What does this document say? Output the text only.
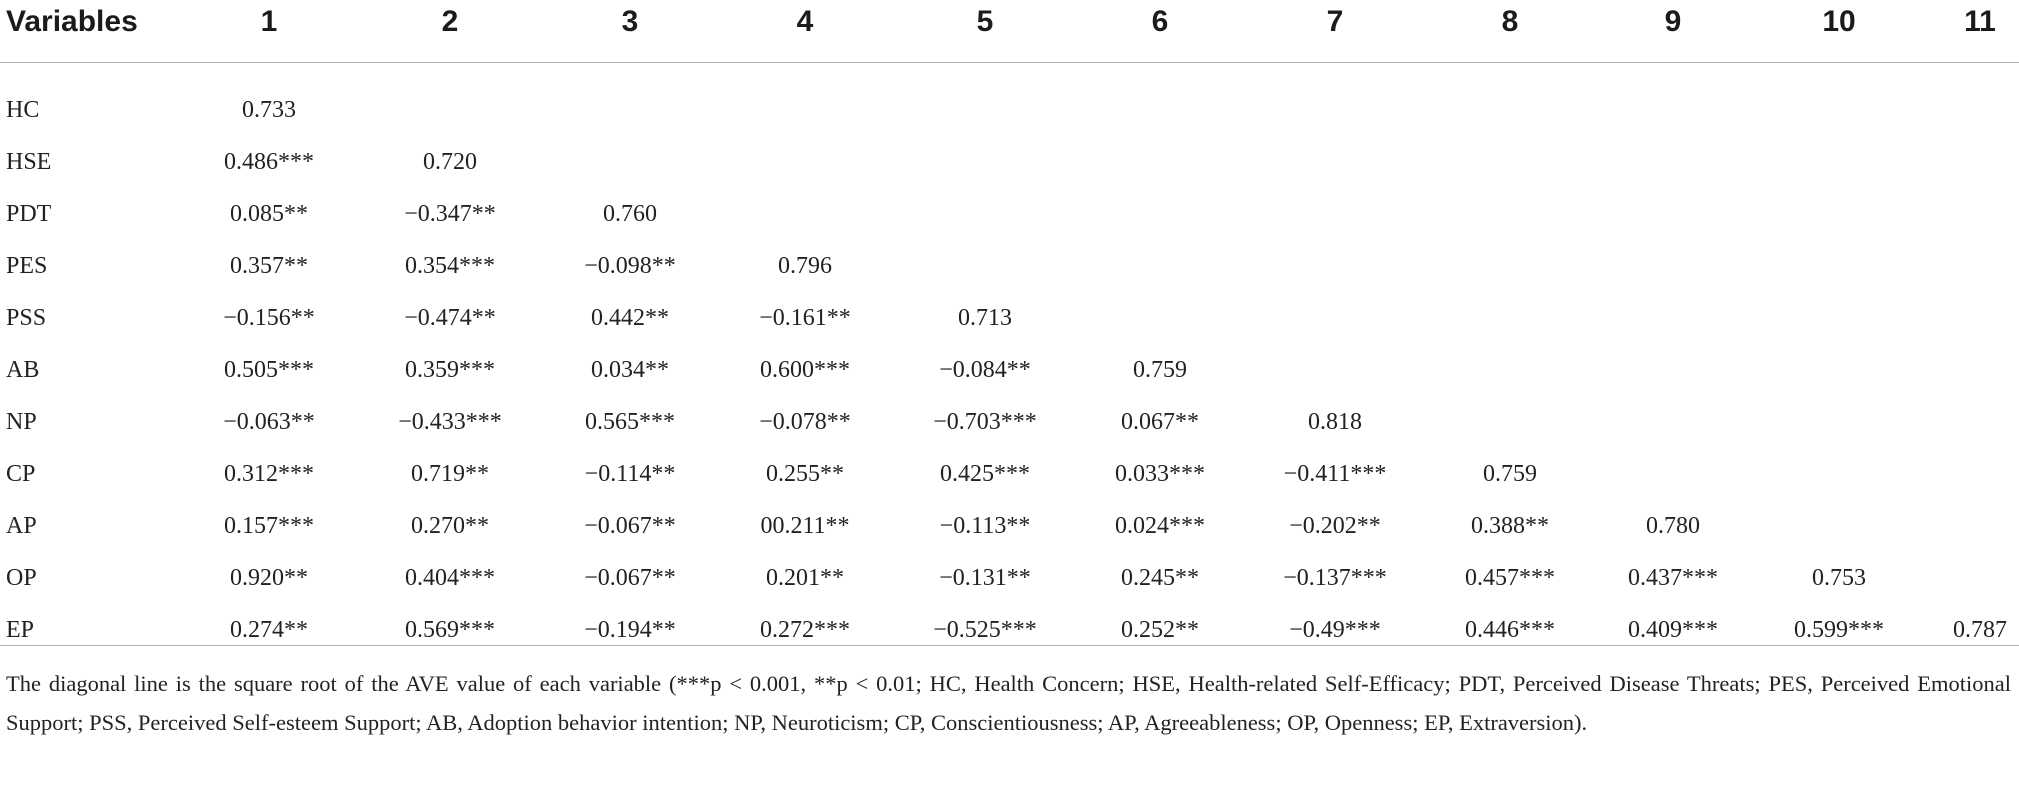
Variables	1	2	3	4	5	6	7	8	9	10	11
HC	0.733
HSE	0.486***	0.720
PDT	0.085**	−0.347**	0.760
PES	0.357**	0.354***	−0.098**	0.796
PSS	−0.156**	−0.474**	0.442**	−0.161**	0.713
AB	0.505***	0.359***	0.034**	0.600***	−0.084**	0.759
NP	−0.063**	−0.433***	0.565***	−0.078**	−0.703***	0.067**	0.818
CP	0.312***	0.719**	−0.114**	0.255**	0.425***	0.033***	−0.411***	0.759
AP	0.157***	0.270**	−0.067**	00.211**	−0.113**	0.024***	−0.202**	0.388**	0.780
OP	0.920**	0.404***	−0.067**	0.201**	−0.131**	0.245**	−0.137***	0.457***	0.437***	0.753
EP	0.274**	0.569***	−0.194**	0.272***	−0.525***	0.252**	−0.49***	0.446***	0.409***	0.599***	0.787
The diagonal line is the square root of the AVE value of each variable (***p < 0.001, **p < 0.01; HC, Health Concern; HSE, Health-related Self-Efficacy; PDT, Perceived Disease Threats; PES, Perceived Emotional Support; PSS, Perceived Self-esteem Support; AB, Adoption behavior intention; NP, Neuroticism; CP, Conscientiousness; AP, Agreeableness; OP, Openness; EP, Extraversion).
